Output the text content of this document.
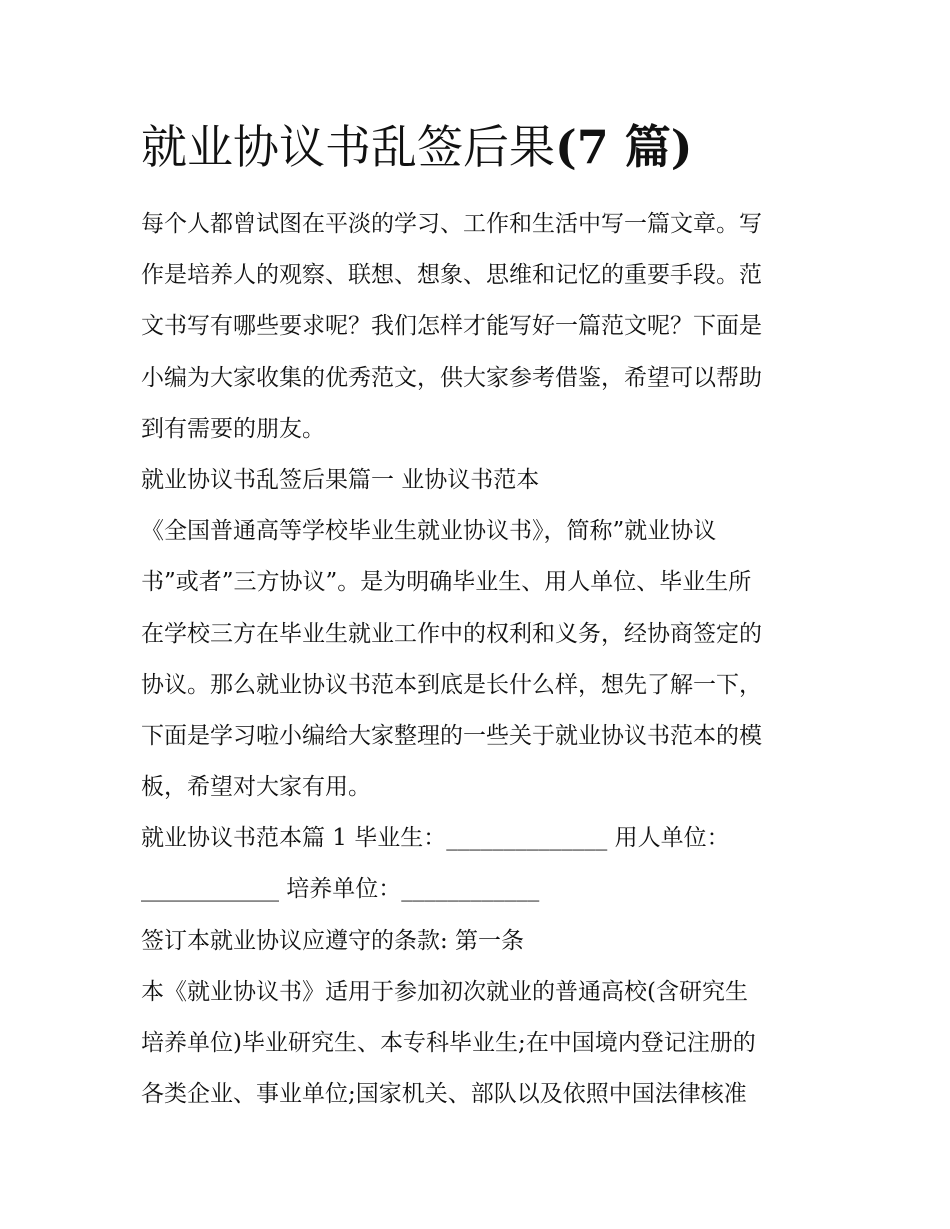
就业协议书乱签后果(7 篇)

每个人都曾试图在平淡的学习、工作和生活中写一篇文章。写
作是培养人的观察、联想、想象、思维和记忆的重要手段。范
文书写有哪些要求呢？我们怎样才能写好一篇范文呢？下面是
小编为大家收集的优秀范文，供大家参考借鉴，希望可以帮助
到有需要的朋友。

就业协议书乱签后果篇一 业协议书范本

《全国普通高等学校毕业生就业协议书》，简称”就业协议
书”或者”三方协议”。是为明确毕业生、用人单位、毕业生所
在学校三方在毕业生就业工作中的权利和义务，经协商签定的
协议。那么就业协议书范本到底是长什么样，想先了解一下，
下面是学习啦小编给大家整理的一些关于就业协议书范本的模
板，希望对大家有用。

就业协议书范本篇 1 毕业生：______________ 用人单位：
____________ 培养单位：____________

签订本就业协议应遵守的条款: 第一条

本《就业协议书》适用于参加初次就业的普通高校(含研究生
培养单位)毕业研究生、本专科毕业生;在中国境内登记注册的
各类企业、事业单位;国家机关、部队以及依照中国法律核准
